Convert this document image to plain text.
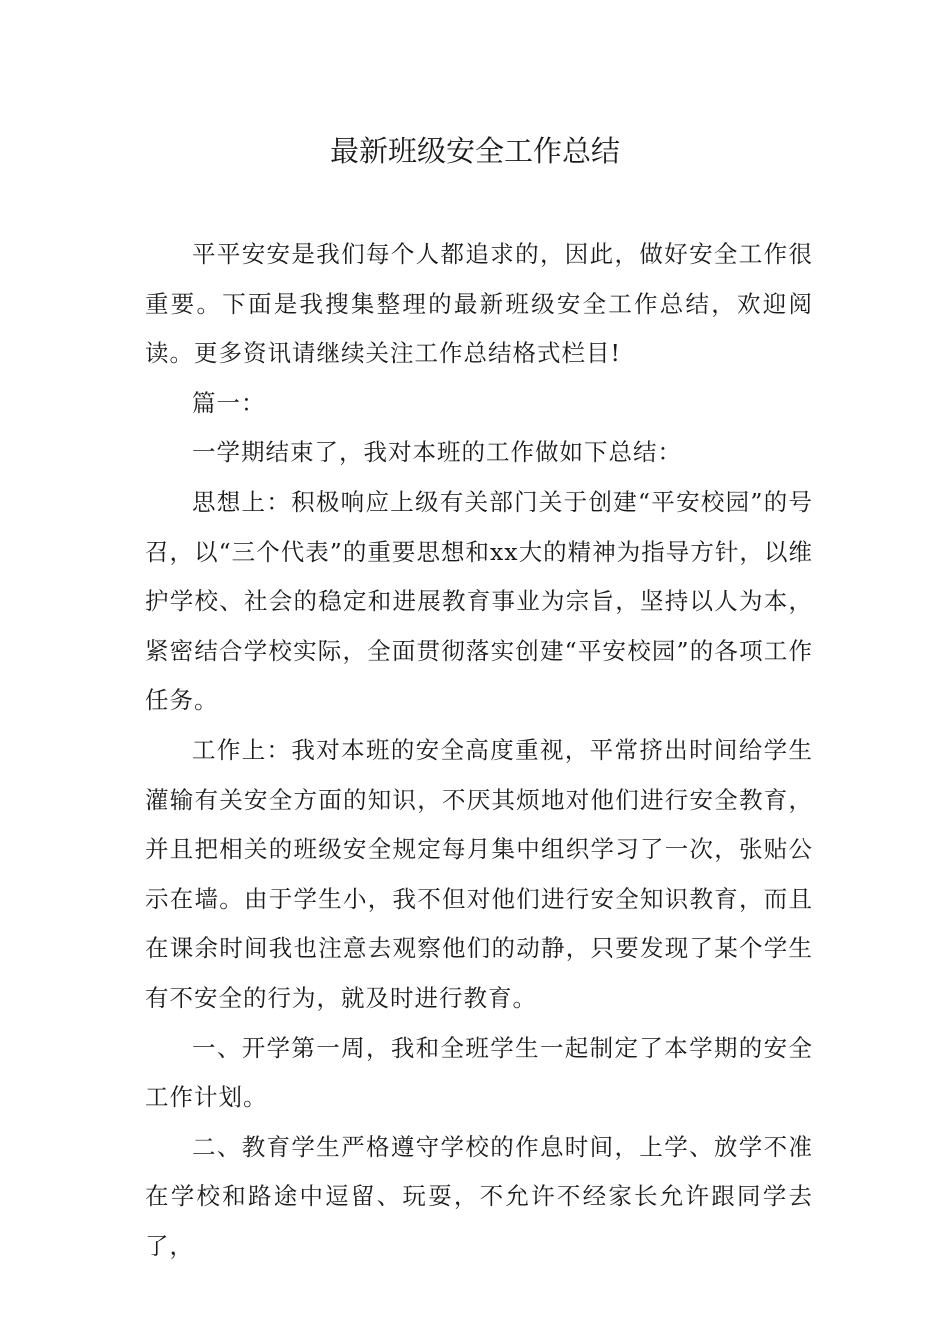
最新班级安全工作总结

平平安安是我们每个人都追求的，因此，做好安全工作很重要。下面是我搜集整理的最新班级安全工作总结，欢迎阅读。更多资讯请继续关注工作总结格式栏目!

篇一：

一学期结束了，我对本班的工作做如下总结：

思想上：积极响应上级有关部门关于创建“平安校园”的号召，以“三个代表”的重要思想和xx大的精神为指导方针，以维护学校、社会的稳定和进展教育事业为宗旨，坚持以人为本，紧密结合学校实际，全面贯彻落实创建“平安校园”的各项工作任务。

工作上：我对本班的安全高度重视，平常挤出时间给学生灌输有关安全方面的知识，不厌其烦地对他们进行安全教育，并且把相关的班级安全规定每月集中组织学习了一次，张贴公示在墙。由于学生小，我不但对他们进行安全知识教育，而且在课余时间我也注意去观察他们的动静，只要发现了某个学生有不安全的行为，就及时进行教育。

一、开学第一周，我和全班学生一起制定了本学期的安全工作计划。

二、教育学生严格遵守学校的作息时间，上学、放学不准在学校和路途中逗留、玩耍，不允许不经家长允许跟同学去了，
